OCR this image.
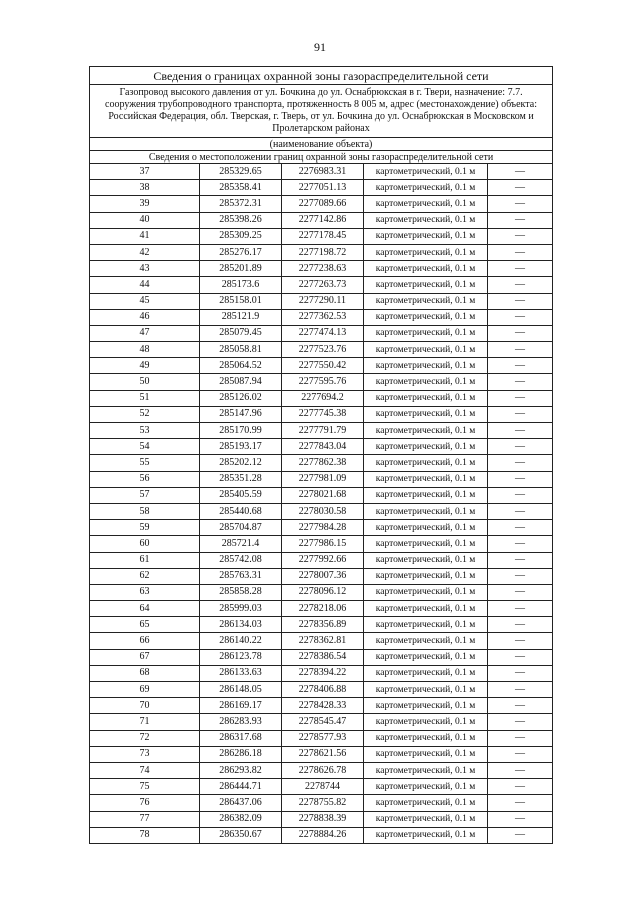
91
Сведения о границах охранной зоны газораспределительной сети				
Газопровод высокого давления от ул. Бочкина до ул. Оснабрюкская в г. Твери, назначение: 7.7. сооружения трубопроводного транспорта, протяженность 8 005 м, адрес (местонахождение) объекта: Российская Федерация, обл. Тверская, г. Тверь, от ул. Бочкина до ул. Оснабрюкская в Московском и Пролетарском районах				
(наименование объекта)				
Сведения о местоположении границ охранной зоны газораспределительной сети				
37	285329.65	2276983.31	картометрический, 0.1 м	—
38	285358.41	2277051.13	картометрический, 0.1 м	—
39	285372.31	2277089.66	картометрический, 0.1 м	—
40	285398.26	2277142.86	картометрический, 0.1 м	—
41	285309.25	2277178.45	картометрический, 0.1 м	—
42	285276.17	2277198.72	картометрический, 0.1 м	—
43	285201.89	2277238.63	картометрический, 0.1 м	—
44	285173.6	2277263.73	картометрический, 0.1 м	—
45	285158.01	2277290.11	картометрический, 0.1 м	—
46	285121.9	2277362.53	картометрический, 0.1 м	—
47	285079.45	2277474.13	картометрический, 0.1 м	—
48	285058.81	2277523.76	картометрический, 0.1 м	—
49	285064.52	2277550.42	картометрический, 0.1 м	—
50	285087.94	2277595.76	картометрический, 0.1 м	—
51	285126.02	2277694.2	картометрический, 0.1 м	—
52	285147.96	2277745.38	картометрический, 0.1 м	—
53	285170.99	2277791.79	картометрический, 0.1 м	—
54	285193.17	2277843.04	картометрический, 0.1 м	—
55	285202.12	2277862.38	картометрический, 0.1 м	—
56	285351.28	2277981.09	картометрический, 0.1 м	—
57	285405.59	2278021.68	картометрический, 0.1 м	—
58	285440.68	2278030.58	картометрический, 0.1 м	—
59	285704.87	2277984.28	картометрический, 0.1 м	—
60	285721.4	2277986.15	картометрический, 0.1 м	—
61	285742.08	2277992.66	картометрический, 0.1 м	—
62	285763.31	2278007.36	картометрический, 0.1 м	—
63	285858.28	2278096.12	картометрический, 0.1 м	—
64	285999.03	2278218.06	картометрический, 0.1 м	—
65	286134.03	2278356.89	картометрический, 0.1 м	—
66	286140.22	2278362.81	картометрический, 0.1 м	—
67	286123.78	2278386.54	картометрический, 0.1 м	—
68	286133.63	2278394.22	картометрический, 0.1 м	—
69	286148.05	2278406.88	картометрический, 0.1 м	—
70	286169.17	2278428.33	картометрический, 0.1 м	—
71	286283.93	2278545.47	картометрический, 0.1 м	—
72	286317.68	2278577.93	картометрический, 0.1 м	—
73	286286.18	2278621.56	картометрический, 0.1 м	—
74	286293.82	2278626.78	картометрический, 0.1 м	—
75	286444.71	2278744	картометрический, 0.1 м	—
76	286437.06	2278755.82	картометрический, 0.1 м	—
77	286382.09	2278838.39	картометрический, 0.1 м	—
78	286350.67	2278884.26	картометрический, 0.1 м	—
